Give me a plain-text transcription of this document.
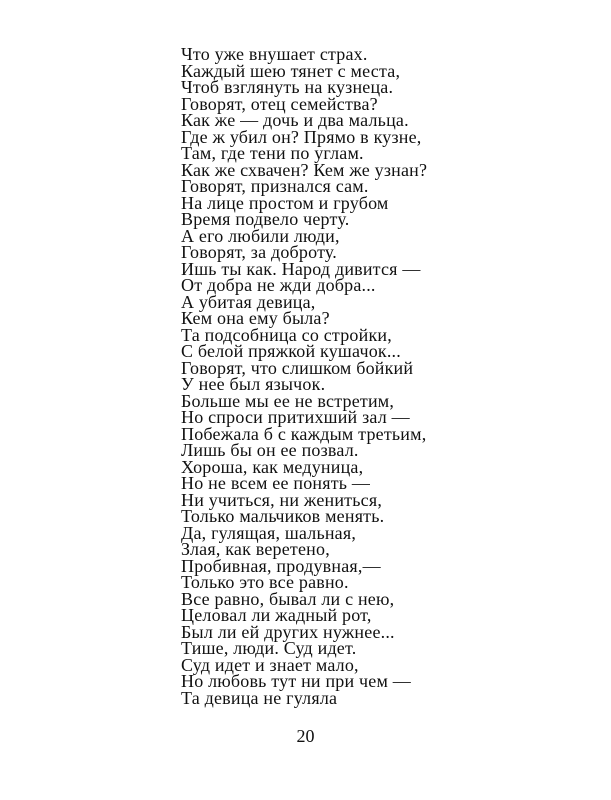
Что уже внушает страх.
Каждый шею тянет с места,
Чтоб взглянуть на кузнеца.
Говорят, отец семейства?
Как же — дочь и два мальца.
Где ж убил он? Прямо в кузне,
Там, где тени по углам.
Как же схвачен? Кем же узнан?
Говорят, признался сам.
На лице простом и грубом
Время подвело черту.
А его любили люди,
Говорят, за доброту.
Ишь ты как. Народ дивится —
От добра не жди добра...
А убитая девица,
Кем она ему была?
Та подсобница со стройки,
С белой пряжкой кушачок...
Говорят, что слишком бойкий
У нее был язычок.
Больше мы ее не встретим,
Но спроси притихший зал —
Побежала б с каждым третьим,
Лишь бы он ее позвал.
Хороша, как медуница,
Но не всем ее понять —
Ни учиться, ни жениться,
Только мальчиков менять.
Да, гулящая, шальная,
Злая, как веретено,
Пробивная, продувная,—
Только это все равно.
Все равно, бывал ли с нею,
Целовал ли жадный рот,
Был ли ей других нужнее...
Тише, люди. Суд идет.
Суд идет и знает мало,
Но любовь тут ни при чем —
Та девица не гуляла
20
